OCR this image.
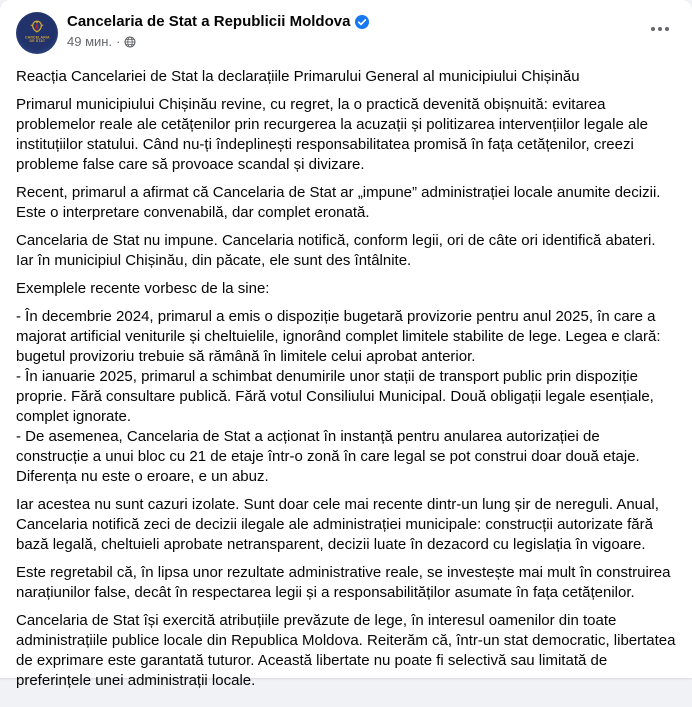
CANCELARIA
DE STAT
Cancelaria de Stat a Republicii Moldova
49 мин. ·

Reacția Cancelariei de Stat la declarațiile Primarului General al municipiului Chișinău

Primarul municipiului Chișinău revine, cu regret, la o practică devenită obișnuită: evitarea problemelor reale ale cetățenilor prin recurgerea la acuzații și politizarea intervențiilor legale ale instituțiilor statului. Când nu-ți îndeplinești responsabilitatea promisă în fața cetățenilor, creezi probleme false care să provoace scandal și divizare.

Recent, primarul a afirmat că Cancelaria de Stat ar „impune” administrației locale anumite decizii. Este o interpretare convenabilă, dar complet eronată.

Cancelaria de Stat nu impune. Cancelaria notifică, conform legii, ori de câte ori identifică abateri. Iar în municipiul Chișinău, din păcate, ele sunt des întâlnite.

Exemplele recente vorbesc de la sine:

- În decembrie 2024, primarul a emis o dispoziție bugetară provizorie pentru anul 2025, în care a majorat artificial veniturile și cheltuielile, ignorând complet limitele stabilite de lege. Legea e clară: bugetul provizoriu trebuie să rămână în limitele celui aprobat anterior.

- În ianuarie 2025, primarul a schimbat denumirile unor stații de transport public prin dispoziție proprie. Fără consultare publică. Fără votul Consiliului Municipal. Două obligații legale esențiale, complet ignorate.

- De asemenea, Cancelaria de Stat a acționat în instanță pentru anularea autorizației de construcție a unui bloc cu 21 de etaje într-o zonă în care legal se pot construi doar două etaje. Diferența nu este o eroare, e un abuz.

Iar acestea nu sunt cazuri izolate. Sunt doar cele mai recente dintr-un lung șir de nereguli. Anual, Cancelaria notifică zeci de decizii ilegale ale administrației municipale: construcții autorizate fără bază legală, cheltuieli aprobate netransparent, decizii luate în dezacord cu legislația în vigoare.

Este regretabil că, în lipsa unor rezultate administrative reale, se investește mai mult în construirea narațiunilor false, decât în respectarea legii și a responsabilităților asumate în fața cetățenilor.

Cancelaria de Stat își exercită atribuțiile prevăzute de lege, în interesul oamenilor din toate administrațiile publice locale din Republica Moldova. Reiterăm că, într-un stat democratic, libertatea de exprimare este garantată tuturor. Această libertate nu poate fi selectivă sau limitată de preferințele unei administrații locale.
